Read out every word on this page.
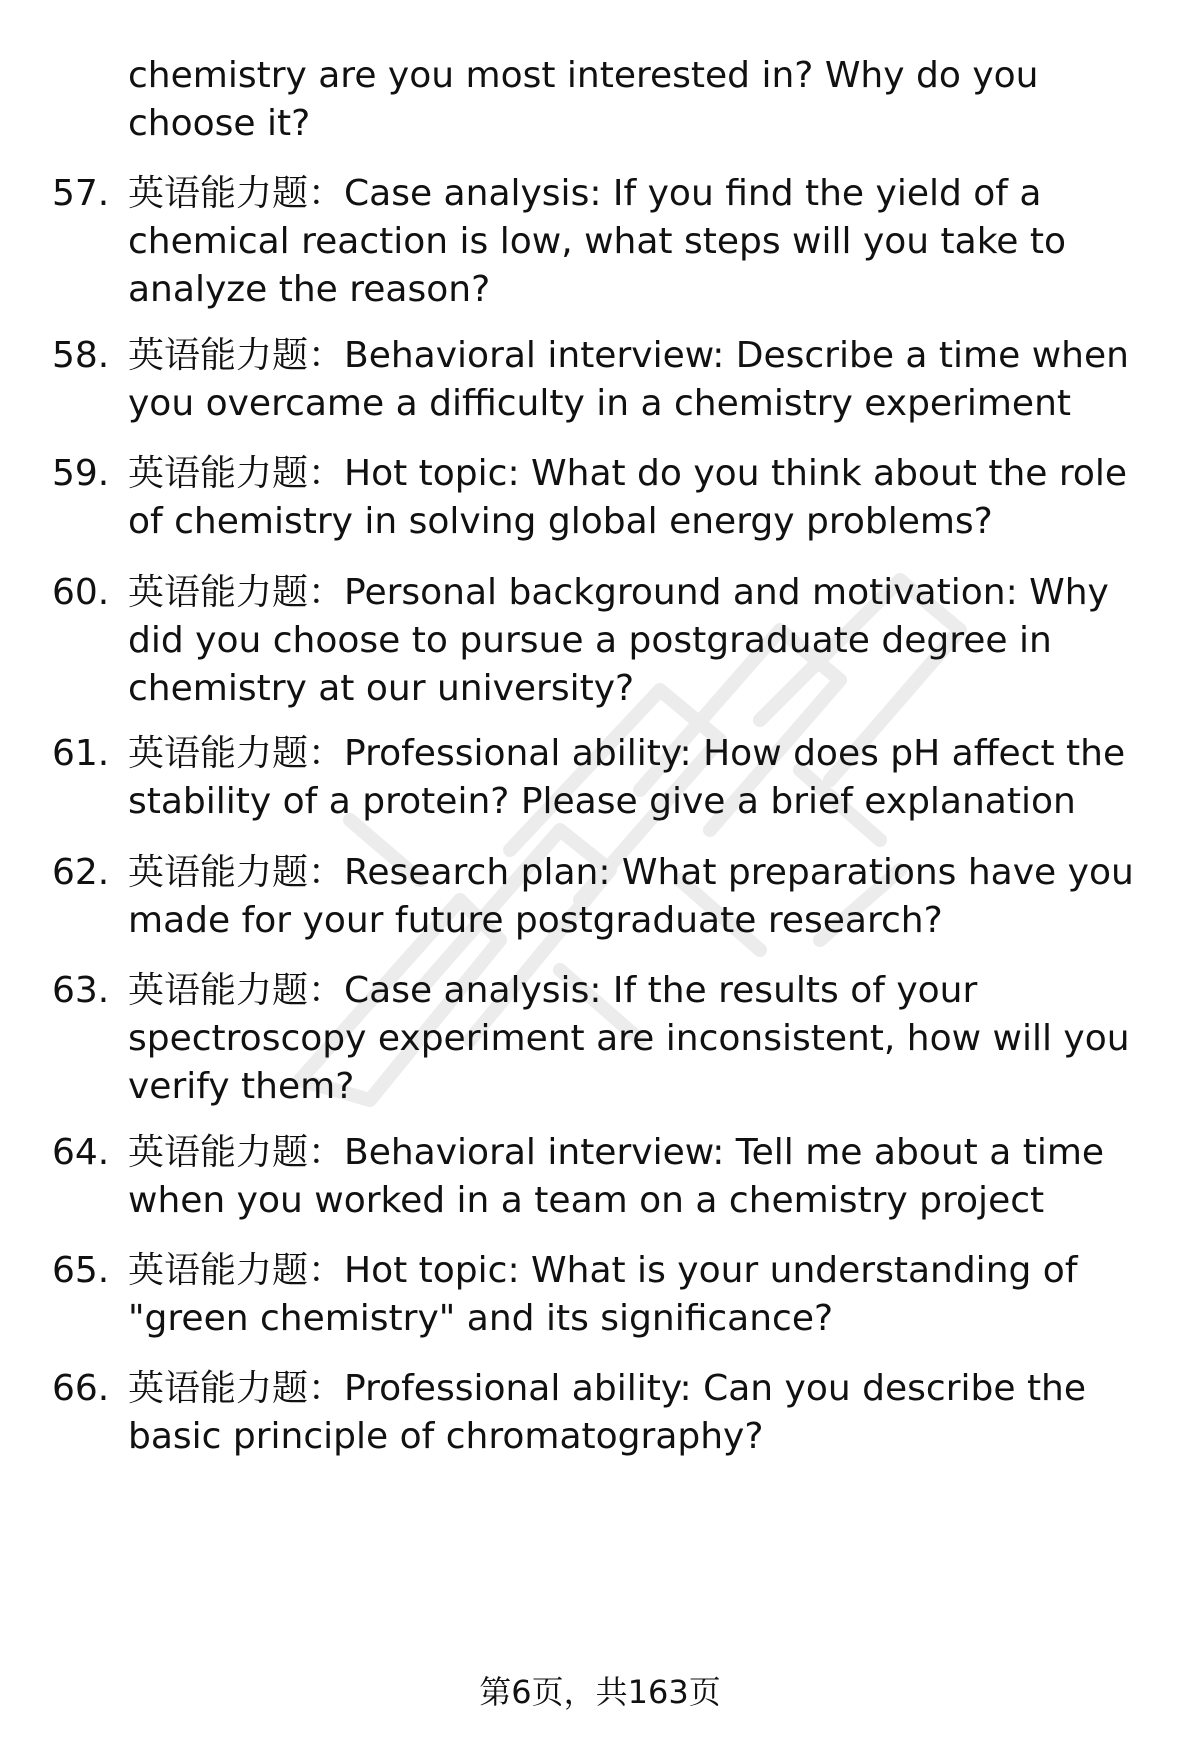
chemistry are you most interested in? Why do you choose it?
57. 英语能力题：Case analysis: If you find the yield of a chemical reaction is low, what steps will you take to analyze the reason?
58. 英语能力题：Behavioral interview: Describe a time when you overcame a difficulty in a chemistry experiment
59. 英语能力题：Hot topic: What do you think about the role of chemistry in solving global energy problems?
60. 英语能力题：Personal background and motivation: Why did you choose to pursue a postgraduate degree in chemistry at our university?
61. 英语能力题：Professional ability: How does pH affect the stability of a protein? Please give a brief explanation
62. 英语能力题：Research plan: What preparations have you made for your future postgraduate research?
63. 英语能力题：Case analysis: If the results of your spectroscopy experiment are inconsistent, how will you verify them?
64. 英语能力题：Behavioral interview: Tell me about a time when you worked in a team on a chemistry project
65. 英语能力题：Hot topic: What is your understanding of "green chemistry" and its significance?
66. 英语能力题：Professional ability: Can you describe the basic principle of chromatography?
第6页，共163页
